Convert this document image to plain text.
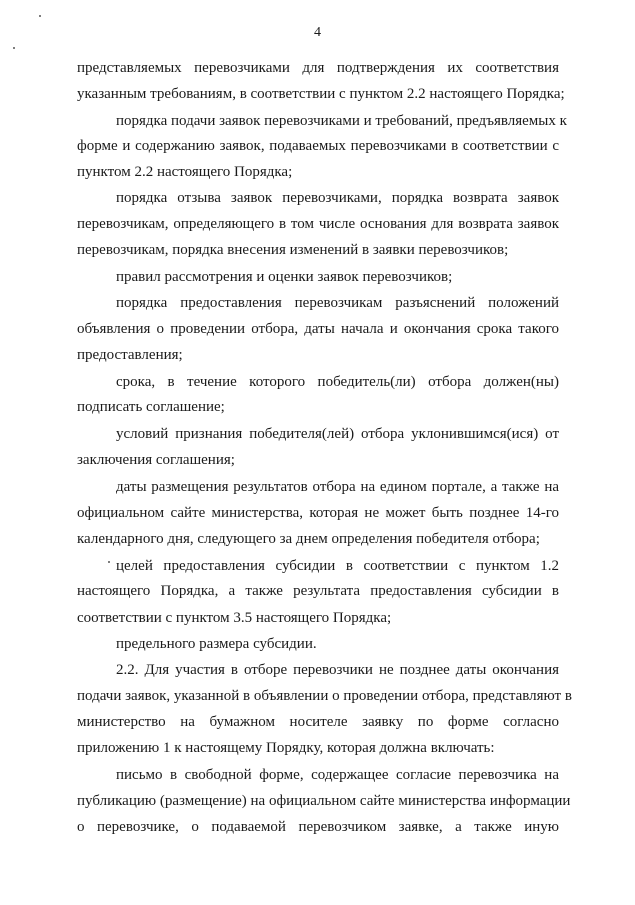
4
представляемых перевозчиками для подтверждения их соответствия
указанным требованиям, в соответствии с пунктом 2.2 настоящего Порядка;
порядка подачи заявок перевозчиками и требований, предъявляемых к
форме и содержанию заявок, подаваемых перевозчиками в соответствии с
пунктом 2.2 настоящего Порядка;
порядка отзыва заявок перевозчиками, порядка возврата заявок
перевозчикам, определяющего в том числе основания для возврата заявок
перевозчикам, порядка внесения изменений в заявки перевозчиков;
правил рассмотрения и оценки заявок перевозчиков;
порядка предоставления перевозчикам разъяснений положений
объявления о проведении отбора, даты начала и окончания срока такого
предоставления;
срока, в течение которого победитель(ли) отбора должен(ны)
подписать соглашение;
условий признания победителя(лей) отбора уклонившимся(ися) от
заключения соглашения;
даты размещения результатов отбора на едином портале, а также на
официальном сайте министерства, которая не может быть позднее 14-го
календарного дня, следующего за днем определения победителя отбора;
целей предоставления субсидии в соответствии с пунктом 1.2
настоящего Порядка, а также результата предоставления субсидии в
соответствии с пунктом 3.5 настоящего Порядка;
предельного размера субсидии.
2.2. Для участия в отборе перевозчики не позднее даты окончания
подачи заявок, указанной в объявлении о проведении отбора, представляют в
министерство на бумажном носителе заявку по форме согласно
приложению 1 к настоящему Порядку, которая должна включать:
письмо в свободной форме, содержащее согласие перевозчика на
публикацию (размещение) на официальном сайте министерства информации
о перевозчике, о подаваемой перевозчиком заявке, а также иную
